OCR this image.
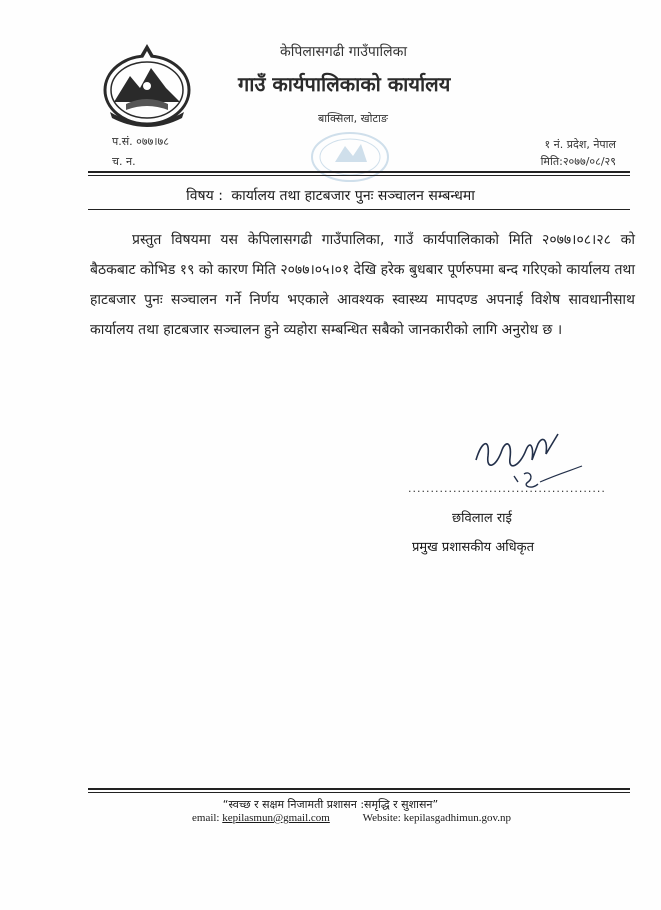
केपिलासगढी गाउँपालिका
गाउँ कार्यपालिकाको कार्यालय
बाक्सिला, खोटाङ
प.सं. ०७७।७८
च. न.
१ नं. प्रदेश, नेपाल
मिति:२०७७/०८/२९
विषय : कार्यालय तथा हाटबजार पुनः सञ्चालन सम्बन्धमा
प्रस्तुत विषयमा यस केपिलासगढी गाउँपालिका, गाउँ कार्यपालिकाको मिति २०७७।०८।२८ को बैठकबाट कोभिड १९ को कारण मिति २०७७।०५।०१ देखि हरेक बुधबार पूर्णरुपमा बन्द गरिएको कार्यालय तथा हाटबजार पुनः सञ्चालन गर्ने निर्णय भएकाले आवश्यक स्वास्थ्य मापदण्ड अपनाई विशेष सावधानीसाथ कार्यालय तथा हाटबजार सञ्चालन हुने व्यहोरा सम्बन्धित सबैको जानकारीको लागि अनुरोध छ ।
............................................
छविलाल राई
प्रमुख प्रशासकीय अधिकृत
“स्वच्छ र सक्षम निजामती प्रशासन :समृद्धि र सुशासन”
email: kepilasmun@gmail.com	Website: kepilasgadhimun.gov.np
